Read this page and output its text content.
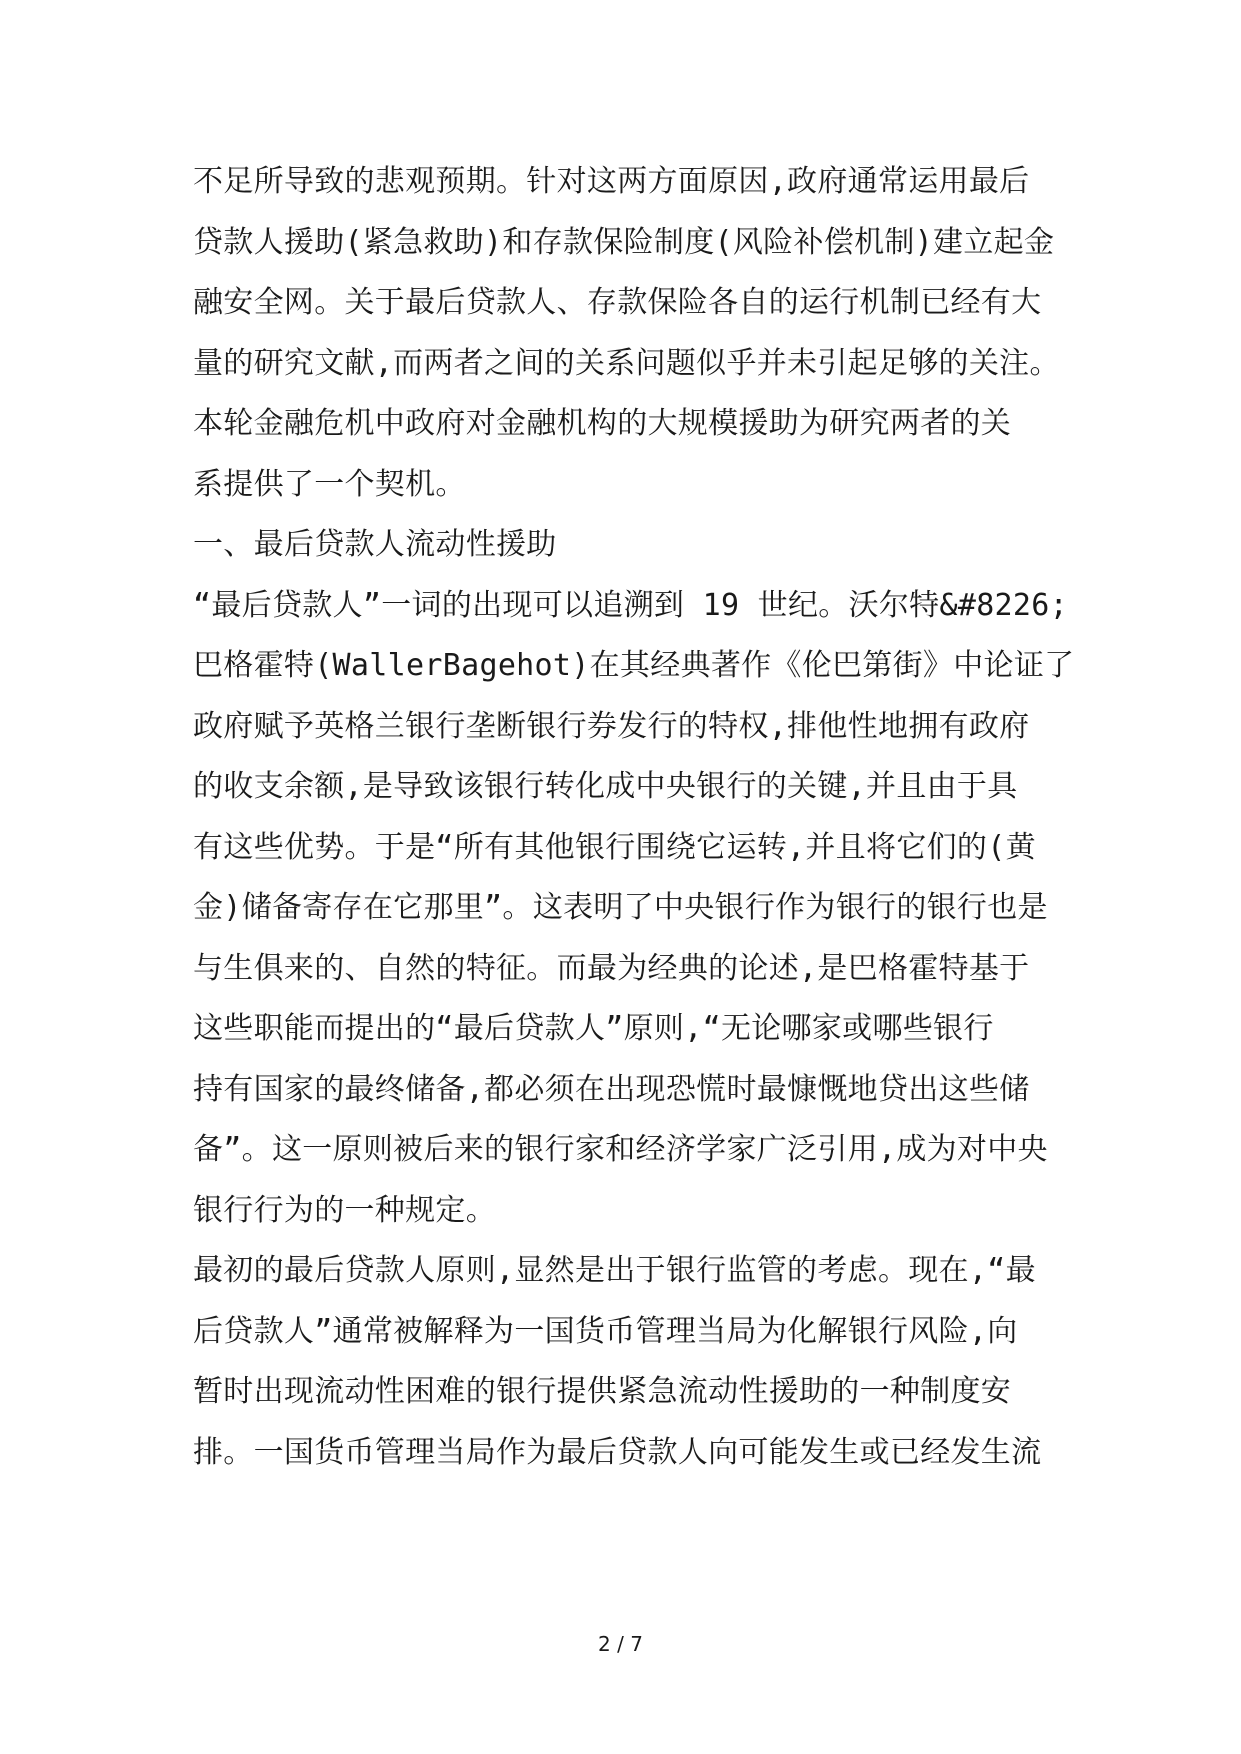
不足所导致的悲观预期。针对这两方面原因,政府通常运用最后
贷款人援助(紧急救助)和存款保险制度(风险补偿机制)建立起金
融安全网。关于最后贷款人、存款保险各自的运行机制已经有大
量的研究文献,而两者之间的关系问题似乎并未引起足够的关注。
本轮金融危机中政府对金融机构的大规模援助为研究两者的关
系提供了一个契机。
一、最后贷款人流动性援助
“最后贷款人”一词的出现可以追溯到 19 世纪。沃尔特&#8226;
巴格霍特(WallerBagehot)在其经典著作《伦巴第街》中论证了
政府赋予英格兰银行垄断银行券发行的特权,排他性地拥有政府
的收支余额,是导致该银行转化成中央银行的关键,并且由于具
有这些优势。于是“所有其他银行围绕它运转,并且将它们的(黄
金)储备寄存在它那里”。这表明了中央银行作为银行的银行也是
与生俱来的、自然的特征。而最为经典的论述,是巴格霍特基于
这些职能而提出的“最后贷款人”原则,“无论哪家或哪些银行
持有国家的最终储备,都必须在出现恐慌时最慷慨地贷出这些储
备”。这一原则被后来的银行家和经济学家广泛引用,成为对中央
银行行为的一种规定。
最初的最后贷款人原则,显然是出于银行监管的考虑。现在,“最
后贷款人”通常被解释为一国货币管理当局为化解银行风险,向
暂时出现流动性困难的银行提供紧急流动性援助的一种制度安
排。一国货币管理当局作为最后贷款人向可能发生或已经发生流
2 / 7
